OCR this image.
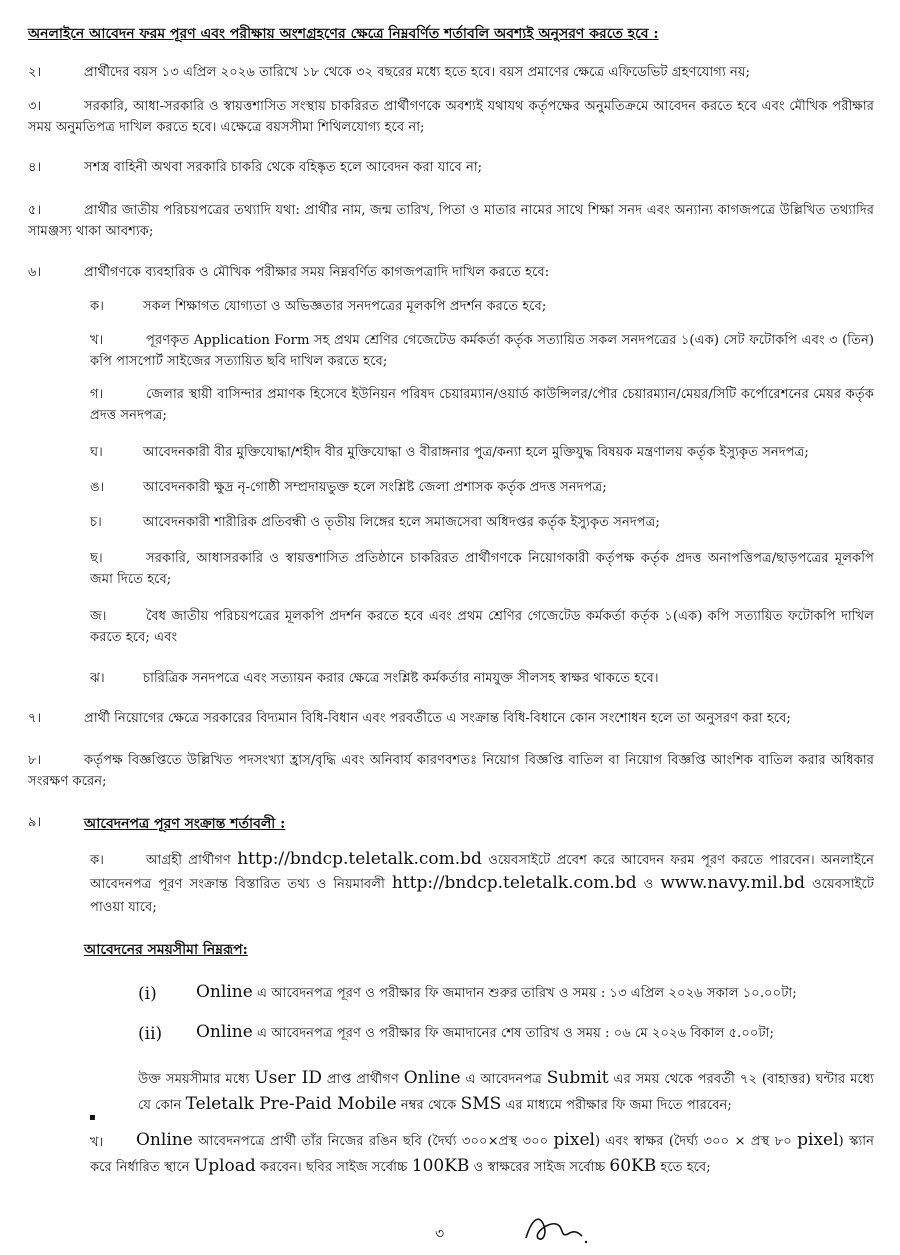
অনলাইনে আবেদন ফরম পূরণ এবং পরীক্ষায় অংশগ্রহণের ক্ষেত্রে নিম্নবর্ণিত শর্তাবলি অবশ্যই অনুসরণ করতে হবে :
২।	প্রার্থীদের বয়স ১৩ এপ্রিল ২০২৬ তারিখে ১৮ থেকে ৩২ বছরের মধ্যে হতে হবে। বয়স প্রমাণের ক্ষেত্রে এফিডেভিট গ্রহণযোগ্য নয়;
৩।	সরকারি, আধা-সরকারি ও স্বায়ত্তশাসিত সংস্থায় চাকরিরত প্রার্থীগণকে অবশ্যই যথাযথ কর্তৃপক্ষের অনুমতিক্রমে আবেদন করতে হবে এবং মৌখিক পরীক্ষার সময় অনুমতিপত্র দাখিল করতে হবে। এক্ষেত্রে বয়সসীমা শিথিলযোগ্য হবে না;
৪।	সশস্ত্র বাহিনী অথবা সরকারি চাকরি থেকে বহিষ্কৃত হলে আবেদন করা যাবে না;
৫।	প্রার্থীর জাতীয় পরিচয়পত্রের তথ্যাদি যথা: প্রার্থীর নাম, জন্ম তারিখ, পিতা ও মাতার নামের সাথে শিক্ষা সনদ এবং অন্যান্য কাগজপত্রে উল্লিখিত তথ্যাদির সামঞ্জস্য থাকা আবশ্যক;
৬।	প্রার্থীগণকে ব্যবহারিক ও মৌখিক পরীক্ষার সময় নিম্নবর্ণিত কাগজপত্রাদি দাখিল করতে হবে:
ক।	সকল শিক্ষাগত যোগ্যতা ও অভিজ্ঞতার সনদপত্রের মূলকপি প্রদর্শন করতে হবে;
খ।	পূরণকৃত Application Form সহ প্রথম শ্রেণির গেজেটেড কর্মকর্তা কর্তৃক সত্যায়িত সকল সনদপত্রের ১(এক) সেট ফটোকপি এবং ৩ (তিন) কপি পাসপোর্ট সাইজের সত্যায়িত ছবি দাখিল করতে হবে;
গ।	জেলার স্থায়ী বাসিন্দার প্রমাণক হিসেবে ইউনিয়ন পরিষদ চেয়ারম্যান/ওয়ার্ড কাউন্সিলর/পৌর চেয়ারম্যান/মেয়র/সিটি কর্পোরেশনের মেয়র কর্তৃক প্রদত্ত সনদপত্র;
ঘ।	আবেদনকারী বীর মুক্তিযোদ্ধা/শহীদ বীর মুক্তিযোদ্ধা ও বীরাঙ্গনার পুত্র/কন্যা হলে মুক্তিযুদ্ধ বিষয়ক মন্ত্রণালয় কর্তৃক ইস্যুকৃত সনদপত্র;
ঙ।	আবেদনকারী ক্ষুদ্র নৃ-গোষ্ঠী সম্প্রদায়ভুক্ত হলে সংশ্লিষ্ট জেলা প্রশাসক কর্তৃক প্রদত্ত সনদপত্র;
চ।	আবেদনকারী শারীরিক প্রতিবন্ধী ও তৃতীয় লিঙ্গের হলে সমাজসেবা অধিদপ্তর কর্তৃক ইস্যুকৃত সনদপত্র;
ছ।	সরকারি, আধাসরকারি ও স্বায়ত্তশাসিত প্রতিষ্ঠানে চাকরিরত প্রার্থীগণকে নিয়োগকারী কর্তৃপক্ষ কর্তৃক প্রদত্ত অনাপত্তিপত্র/ছাড়পত্রের মূলকপি জমা দিতে হবে;
জ।	বৈধ জাতীয় পরিচয়পত্রের মূলকপি প্রদর্শন করতে হবে এবং প্রথম শ্রেণির গেজেটেড কর্মকর্তা কর্তৃক ১(এক) কপি সত্যায়িত ফটোকপি দাখিল করতে হবে; এবং
ঝ।	চারিত্রিক সনদপত্রে এবং সত্যায়ন করার ক্ষেত্রে সংশ্লিষ্ট কর্মকর্তার নামযুক্ত সীলসহ স্বাক্ষর থাকতে হবে।
৭।	প্রার্থী নিয়োগের ক্ষেত্রে সরকারের বিদ্যমান বিধি-বিধান এবং পরবর্তীতে এ সংক্রান্ত বিধি-বিধানে কোন সংশোধন হলে তা অনুসরণ করা হবে;
৮।	কর্তৃপক্ষ বিজ্ঞপ্তিতে উল্লিখিত পদসংখ্যা হ্রাস/বৃদ্ধি এবং অনিবার্য কারণবশতঃ নিয়োগ বিজ্ঞপ্তি বাতিল বা নিয়োগ বিজ্ঞপ্তি আংশিক বাতিল করার অধিকার সংরক্ষণ করেন;
৯।	আবেদনপত্র পূরণ সংক্রান্ত শর্তাবলী :
ক।	আগ্রহী প্রার্থীগণ http://bndcp.teletalk.com.bd ওয়েবসাইটে প্রবেশ করে আবেদন ফরম পূরণ করতে পারবেন। অনলাইনে আবেদনপত্র পূরণ সংক্রান্ত বিস্তারিত তথ্য ও নিয়মাবলী http://bndcp.teletalk.com.bd ও www.navy.mil.bd ওয়েবসাইটে পাওয়া যাবে;
আবেদনের সময়সীমা নিম্নরূপ:
(i) Online এ আবেদনপত্র পূরণ ও পরীক্ষার ফি জমাদান শুরুর তারিখ ও সময় : ১৩ এপ্রিল ২০২৬ সকাল ১০.০০টা;
(ii) Online এ আবেদনপত্র পূরণ ও পরীক্ষার ফি জমাদানের শেষ তারিখ ও সময় : ০৬ মে ২০২৬ বিকাল ৫.০০টা;
উক্ত সময়সীমার মধ্যে User ID প্রাপ্ত প্রার্থীগণ Online এ আবেদনপত্র Submit এর সময় থেকে পরবর্তী ৭২ (বাহাত্তর) ঘন্টার মধ্যে যে কোন Teletalk Pre-Paid Mobile নম্বর থেকে SMS এর মাধ্যমে পরীক্ষার ফি জমা দিতে পারবেন;
▪
খ।	Online আবেদনপত্রে প্রার্থী তাঁর নিজের রঙিন ছবি (দৈর্ঘ্য ৩০০×প্রস্থ ৩০০ pixel) এবং স্বাক্ষর (দৈর্ঘ্য ৩০০ × প্রস্থ ৮০ pixel) স্ক্যান করে নির্ধারিত স্থানে Upload করবেন। ছবির সাইজ সর্বোচ্চ 100KB ও স্বাক্ষরের সাইজ সর্বোচ্চ 60KB হতে হবে;
৩
